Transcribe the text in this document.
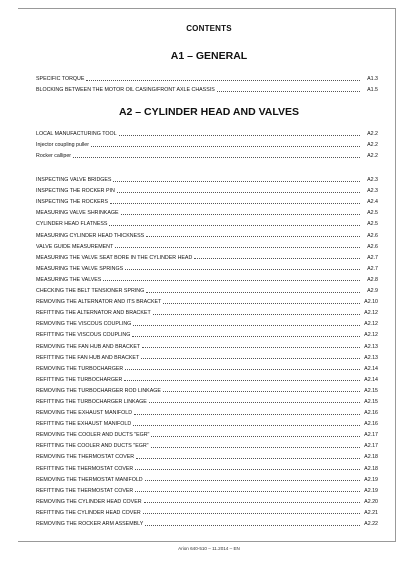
CONTENTS
A1 – GENERAL
SPECIFIC TORQUE	A1.3
BLOCKING BETWEEN THE MOTOR OIL CASING/FRONT AXLE CHASSIS	A1.5
A2 – CYLINDER HEAD AND VALVES
LOCAL MANUFACTURING TOOL	A2.2
Injector coupling puller	A2.2
Rocker calliper	A2.2
INSPECTING VALVE BRIDGES	A2.3
INSPECTING THE ROCKER PIN	A2.3
INSPECTING THE ROCKERS	A2.4
MEASURING VALVE SHRINKAGE	A2.5
CYLINDER HEAD FLATNESS	A2.5
MEASURING CYLINDER HEAD THICKNESS	A2.6
VALVE GUIDE MEASUREMENT	A2.6
MEASURING THE VALVE SEAT BORE IN THE CYLINDER HEAD	A2.7
MEASURING THE VALVE SPRINGS	A2.7
MEASURING THE VALVES	A2.8
CHECKING THE BELT TENSIONER SPRING	A2.9
REMOVING THE ALTERNATOR AND ITS BRACKET	A2.10
REFITTING THE ALTERNATOR AND BRACKET	A2.12
REMOVING THE VISCOUS COUPLING	A2.12
REFITTING THE VISCOUS COUPLING	A2.12
REMOVING THE FAN HUB AND BRACKET	A2.13
REFITTING THE FAN HUB AND BRACKET	A2.13
REMOVING THE TURBOCHARGER	A2.14
REFITTING THE TURBOCHARGER	A2.14
REMOVING THE TURBOCHARGER ROD LINKAGE	A2.15
REFITTING THE TURBOCHARGER LINKAGE	A2.15
REMOVING THE EXHAUST MANIFOLD	A2.16
REFITTING THE EXHAUST MANIFOLD	A2.16
REMOVING THE COOLER AND DUCTS "EGR"	A2.17
REFITTING THE COOLER AND DUCTS "EGR"	A2.17
REMOVING THE THERMOSTAT COVER	A2.18
REFITTING THE THERMOSTAT COVER	A2.18
REMOVING THE THERMOSTAT MANIFOLD	A2.19
REFITTING THE THERMOSTAT COVER	A2.19
REMOVING THE CYLINDER HEAD COVER	A2.20
REFITTING THE CYLINDER HEAD COVER	A2.21
REMOVING THE ROCKER ARM ASSEMBLY	A2.22
Arion 640-510 – 11.2014 – EN
